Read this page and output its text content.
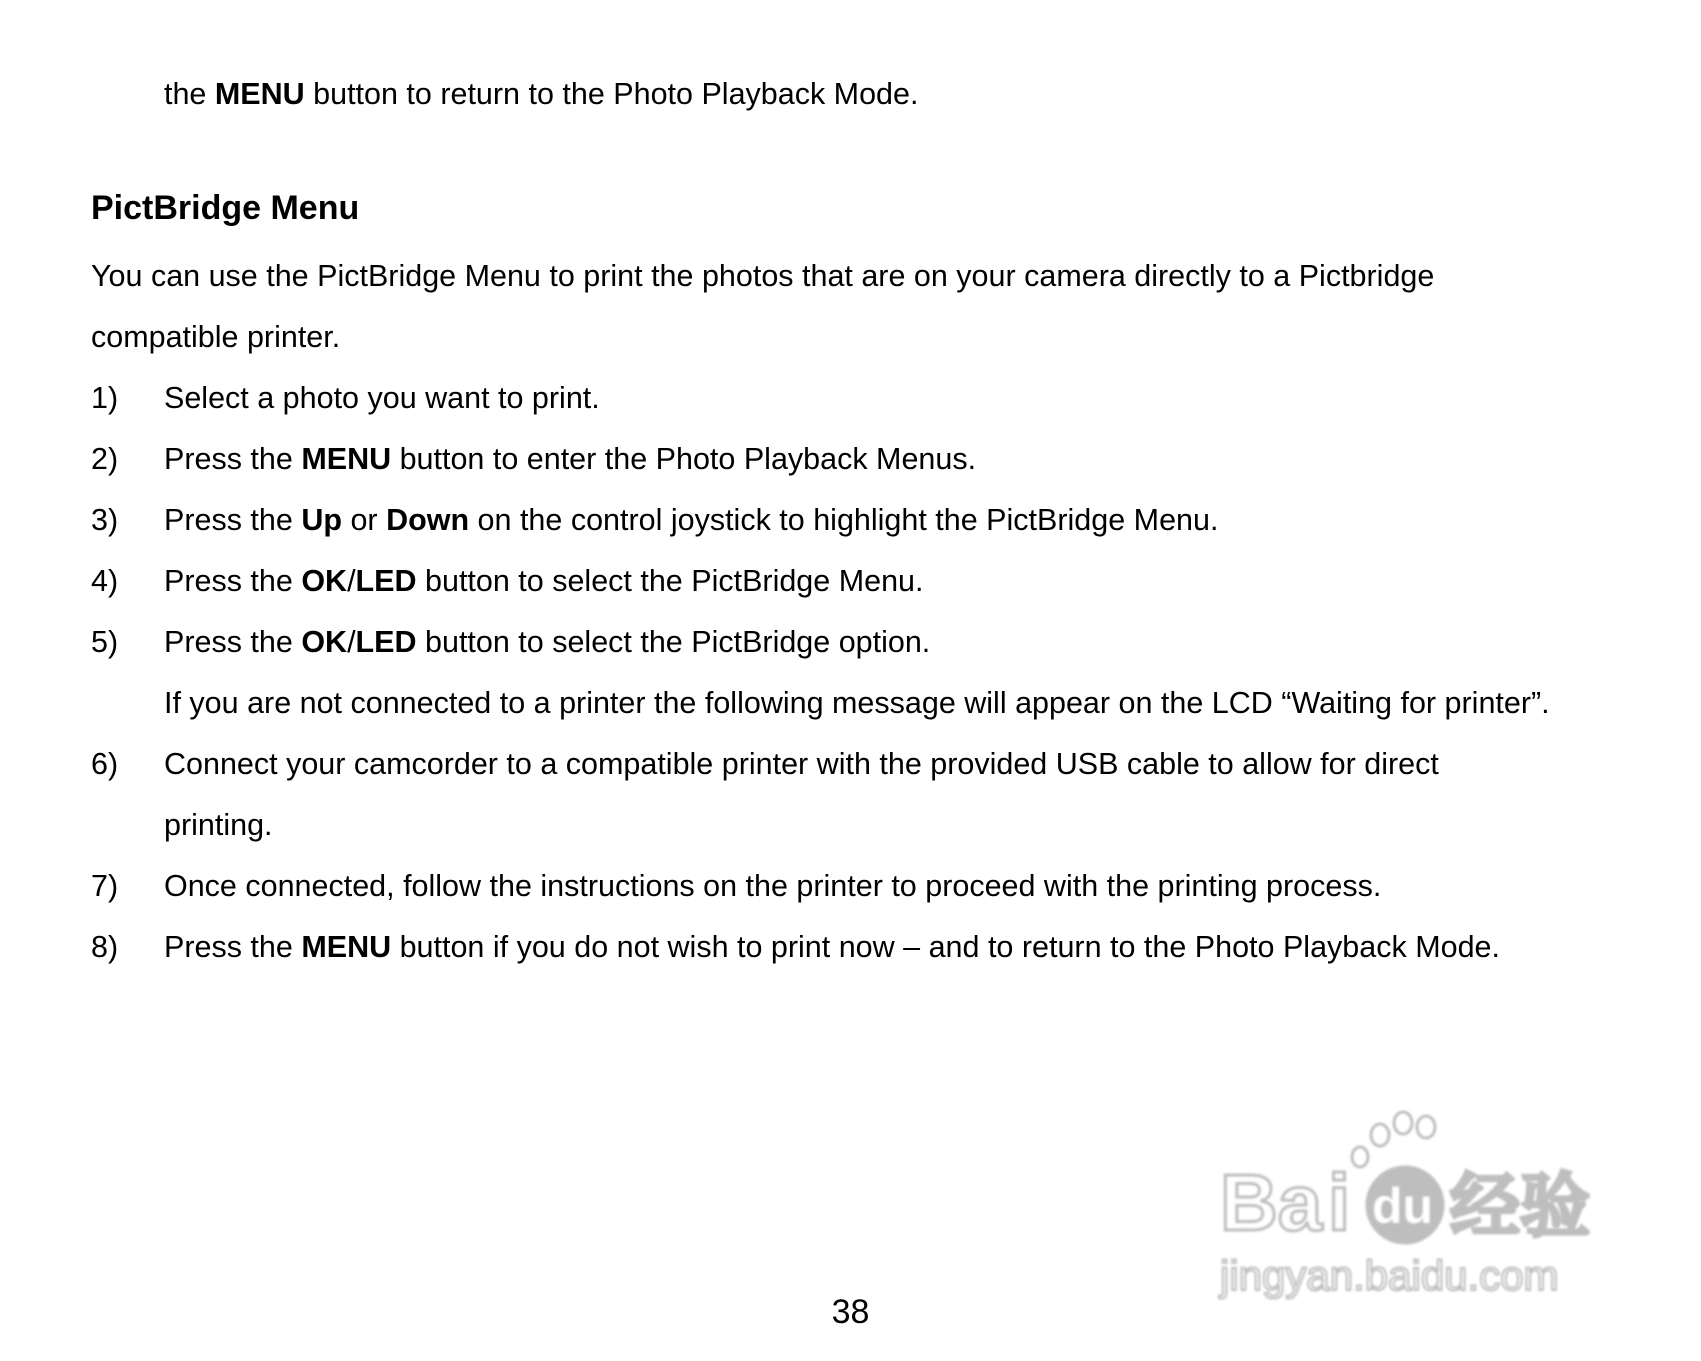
the MENU button to return to the Photo Playback Mode.
PictBridge Menu
You can use the PictBridge Menu to print the photos that are on your camera directly to a Pictbridge
compatible printer.
1) Select a photo you want to print.
2) Press the MENU button to enter the Photo Playback Menus.
3) Press the Up or Down on the control joystick to highlight the PictBridge Menu.
4) Press the OK/LED button to select the PictBridge Menu.
5) Press the OK/LED button to select the PictBridge option.
If you are not connected to a printer the following message will appear on the LCD “Waiting for printer”.
6) Connect your camcorder to a compatible printer with the provided USB cable to allow for direct
printing.
7) Once connected, follow the instructions on the printer to proceed with the printing process.
8) Press the MENU button if you do not wish to print now – and to return to the Photo Playback Mode.
38
Ba i du 经验
jingyan.baidu.com
